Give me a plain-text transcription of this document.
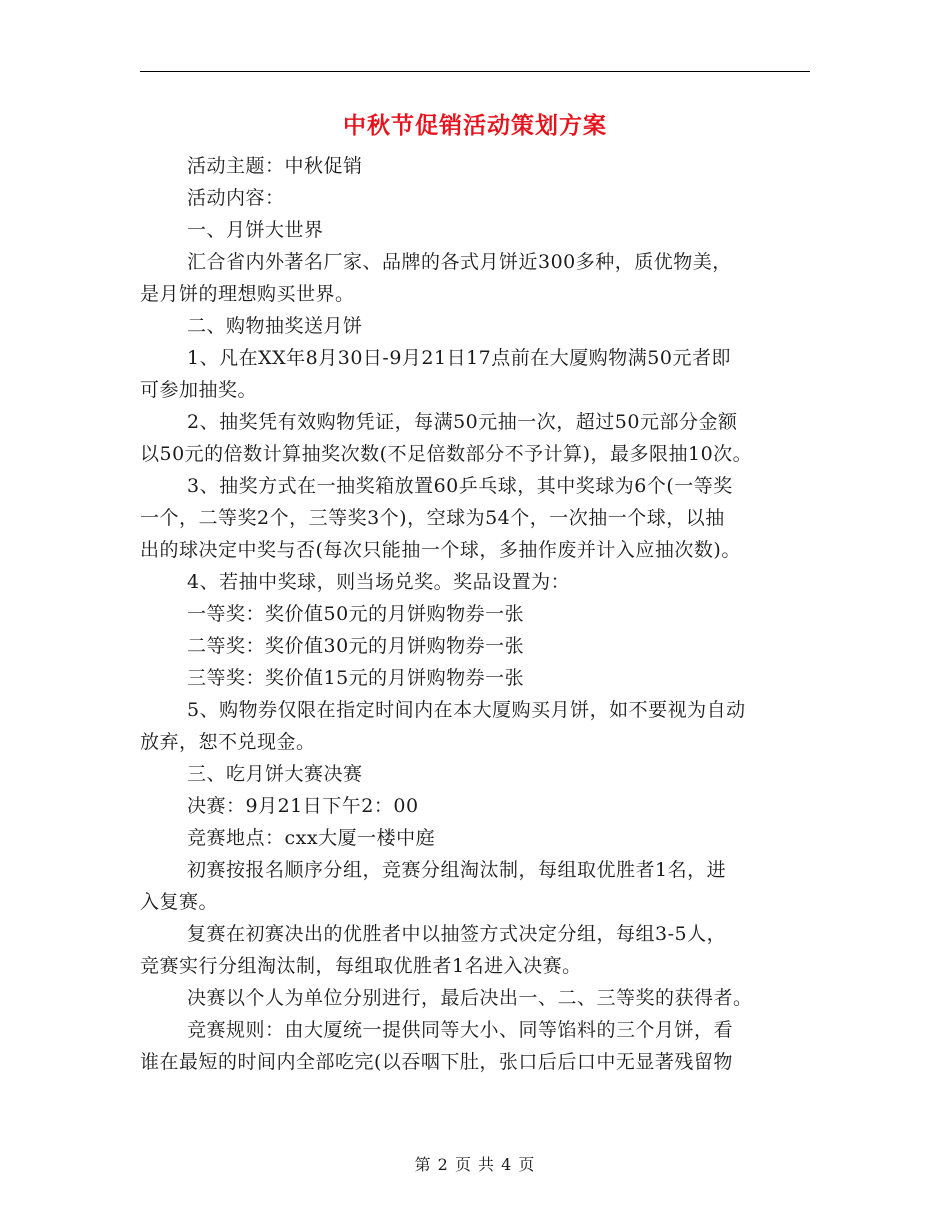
中秋节促销活动策划方案
活动主题：中秋促销
活动内容：
一、月饼大世界
汇合省内外著名厂家、品牌的各式月饼近300多种，质优物美，
是月饼的理想购买世界。
二、购物抽奖送月饼
1、凡在XX年8月30日-9月21日17点前在大厦购物满50元者即
可参加抽奖。
2、抽奖凭有效购物凭证，每满50元抽一次，超过50元部分金额
以50元的倍数计算抽奖次数(不足倍数部分不予计算)，最多限抽10次。
3、抽奖方式在一抽奖箱放置60乒乓球，其中奖球为6个(一等奖
一个，二等奖2个，三等奖3个)，空球为54个，一次抽一个球，以抽
出的球决定中奖与否(每次只能抽一个球，多抽作废并计入应抽次数)。
4、若抽中奖球，则当场兑奖。奖品设置为：
一等奖：奖价值50元的月饼购物券一张
二等奖：奖价值30元的月饼购物券一张
三等奖：奖价值15元的月饼购物券一张
5、购物券仅限在指定时间内在本大厦购买月饼，如不要视为自动
放弃，恕不兑现金。
三、吃月饼大赛决赛
决赛：9月21日下午2：00
竞赛地点：cxx大厦一楼中庭
初赛按报名顺序分组，竞赛分组淘汰制，每组取优胜者1名，进
入复赛。
复赛在初赛决出的优胜者中以抽签方式决定分组，每组3-5人，
竞赛实行分组淘汰制，每组取优胜者1名进入决赛。
决赛以个人为单位分别进行，最后决出一、二、三等奖的获得者。
竞赛规则：由大厦统一提供同等大小、同等馅料的三个月饼，看
谁在最短的时间内全部吃完(以吞咽下肚，张口后后口中无显著残留物
第 2 页 共 4 页
